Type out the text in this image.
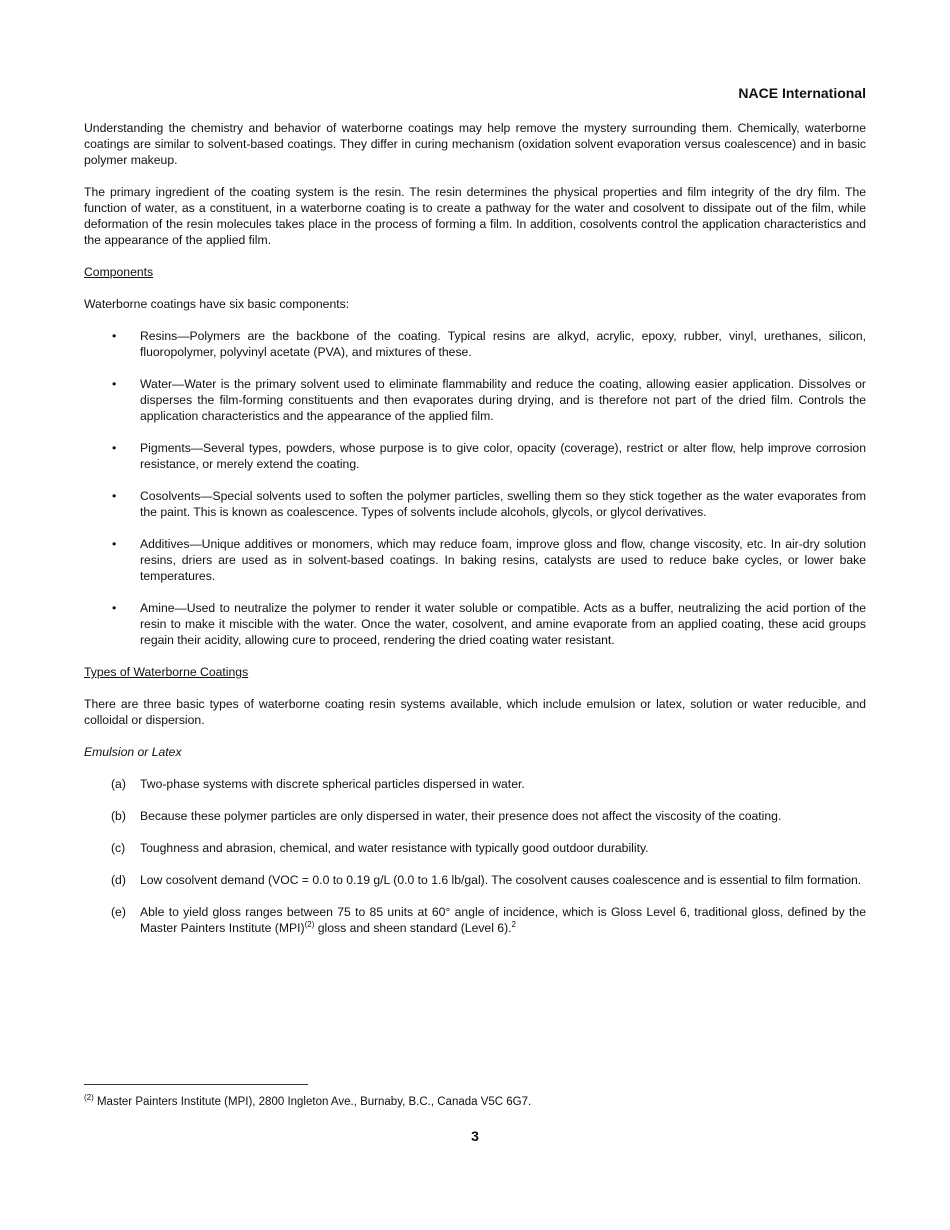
NACE International

Understanding the chemistry and behavior of waterborne coatings may help remove the mystery surrounding them. Chemically, waterborne coatings are similar to solvent-based coatings. They differ in curing mechanism (oxidation solvent evaporation versus coalescence) and in basic polymer makeup.

The primary ingredient of the coating system is the resin. The resin determines the physical properties and film integrity of the dry film. The function of water, as a constituent, in a waterborne coating is to create a pathway for the water and cosolvent to dissipate out of the film, while deformation of the resin molecules takes place in the process of forming a film. In addition, cosolvents control the application characteristics and the appearance of the applied film.

Components

Waterborne coatings have six basic components:

• Resins—Polymers are the backbone of the coating. Typical resins are alkyd, acrylic, epoxy, rubber, vinyl, urethanes, silicon, fluoropolymer, polyvinyl acetate (PVA), and mixtures of these.
• Water—Water is the primary solvent used to eliminate flammability and reduce the coating, allowing easier application. Dissolves or disperses the film-forming constituents and then evaporates during drying, and is therefore not part of the dried film. Controls the application characteristics and the appearance of the applied film.
• Pigments—Several types, powders, whose purpose is to give color, opacity (coverage), restrict or alter flow, help improve corrosion resistance, or merely extend the coating.
• Cosolvents—Special solvents used to soften the polymer particles, swelling them so they stick together as the water evaporates from the paint. This is known as coalescence. Types of solvents include alcohols, glycols, or glycol derivatives.
• Additives—Unique additives or monomers, which may reduce foam, improve gloss and flow, change viscosity, etc. In air-dry solution resins, driers are used as in solvent-based coatings. In baking resins, catalysts are used to reduce bake cycles, or lower bake temperatures.
• Amine—Used to neutralize the polymer to render it water soluble or compatible. Acts as a buffer, neutralizing the acid portion of the resin to make it miscible with the water. Once the water, cosolvent, and amine evaporate from an applied coating, these acid groups regain their acidity, allowing cure to proceed, rendering the dried coating water resistant.
Types of Waterborne Coatings

There are three basic types of waterborne coating resin systems available, which include emulsion or latex, solution or water reducible, and colloidal or dispersion.

Emulsion or Latex
(a) Two-phase systems with discrete spherical particles dispersed in water.
(b) Because these polymer particles are only dispersed in water, their presence does not affect the viscosity of the coating.
(c) Toughness and abrasion, chemical, and water resistance with typically good outdoor durability.
(d) Low cosolvent demand (VOC = 0.0 to 0.19 g/L (0.0 to 1.6 lb/gal). The cosolvent causes coalescence and is essential to film formation.
(e) Able to yield gloss ranges between 75 to 85 units at 60° angle of incidence, which is Gloss Level 6, traditional gloss, defined by the Master Painters Institute (MPI)$^{(2)}$ gloss and sheen standard (Level 6).$^2$
$^{(2)}$ Master Painters Institute (MPI), 2800 Ingleton Ave., Burnaby, B.C., Canada V5C 6G7.
3
